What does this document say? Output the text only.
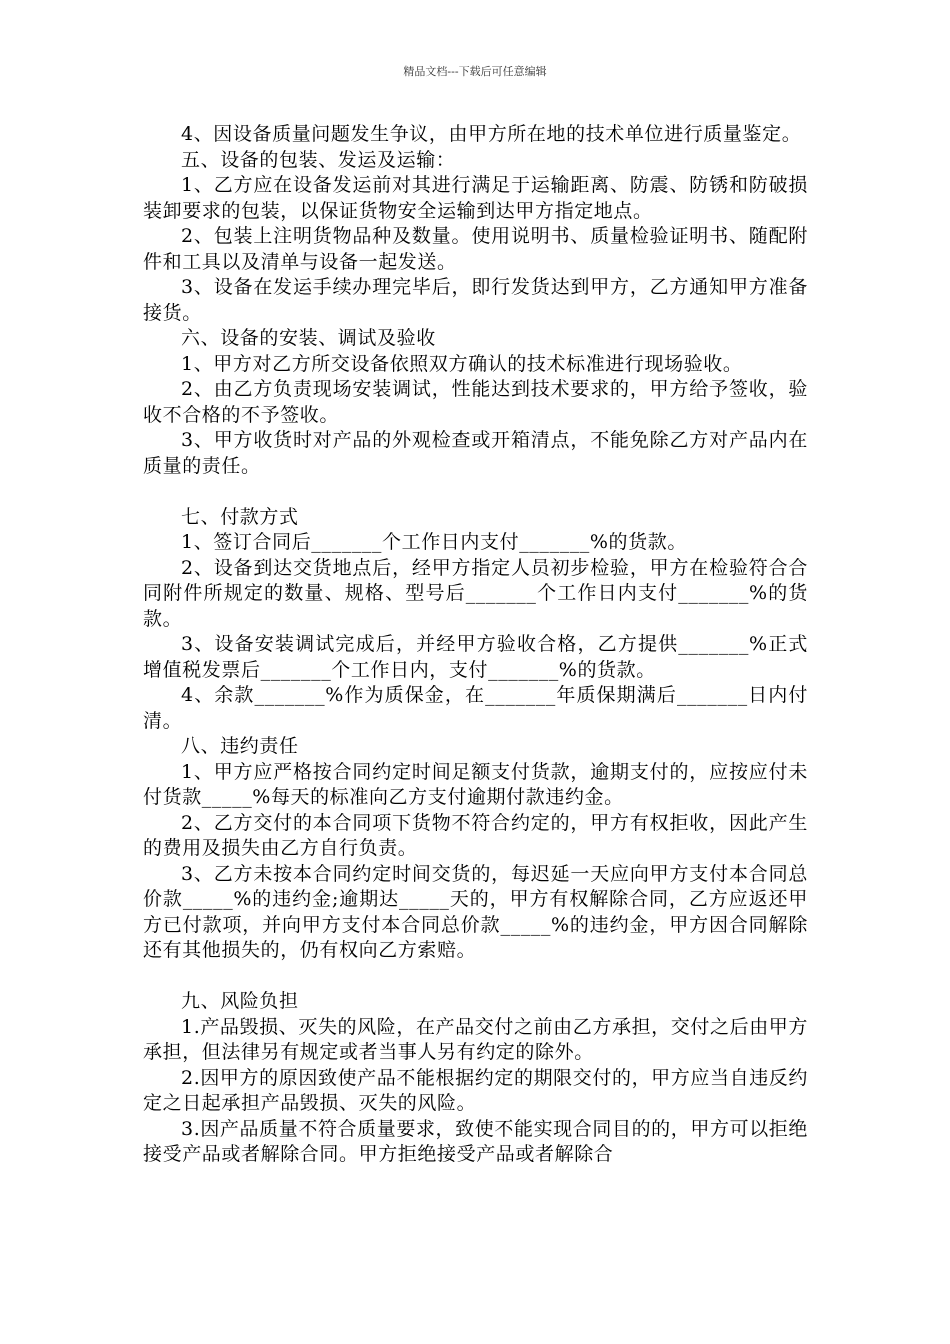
精品文档---下载后可任意编辑

4、因设备质量问题发生争议，由甲方所在地的技术单位进行质量鉴定。

五、设备的包装、发运及运输：

1、乙方应在设备发运前对其进行满足于运输距离、防震、防锈和防破损装卸要求的包装，以保证货物安全运输到达甲方指定地点。

2、包装上注明货物品种及数量。使用说明书、质量检验证明书、随配附件和工具以及清单与设备一起发送。

3、设备在发运手续办理完毕后，即行发货达到甲方，乙方通知甲方准备接货。

六、设备的安装、调试及验收

1、甲方对乙方所交设备依照双方确认的技术标准进行现场验收。

2、由乙方负责现场安装调试，性能达到技术要求的，甲方给予签收，验收不合格的不予签收。

3、甲方收货时对产品的外观检查或开箱清点，不能免除乙方对产品内在质量的责任。

七、付款方式

1、签订合同后_______个工作日内支付_______%的货款。

2、设备到达交货地点后，经甲方指定人员初步检验，甲方在检验符合合同附件所规定的数量、规格、型号后_______个工作日内支付_______%的货款。

3、设备安装调试完成后，并经甲方验收合格，乙方提供_______%正式增值税发票后_______个工作日内，支付_______%的货款。

4、余款_______%作为质保金，在_______年质保期满后_______日内付清。

八、违约责任

1、甲方应严格按合同约定时间足额支付货款，逾期支付的，应按应付未付货款_____%每天的标准向乙方支付逾期付款违约金。

2、乙方交付的本合同项下货物不符合约定的，甲方有权拒收，因此产生的费用及损失由乙方自行负责。

3、乙方未按本合同约定时间交货的，每迟延一天应向甲方支付本合同总价款_____%的违约金;逾期达_____天的，甲方有权解除合同，乙方应返还甲方已付款项，并向甲方支付本合同总价款_____%的违约金，甲方因合同解除还有其他损失的，仍有权向乙方索赔。

九、风险负担

1.产品毁损、灭失的风险，在产品交付之前由乙方承担，交付之后由甲方承担，但法律另有规定或者当事人另有约定的除外。

2.因甲方的原因致使产品不能根据约定的期限交付的，甲方应当自违反约定之日起承担产品毁损、灭失的风险。

3.因产品质量不符合质量要求，致使不能实现合同目的的，甲方可以拒绝接受产品或者解除合同。甲方拒绝接受产品或者解除合
